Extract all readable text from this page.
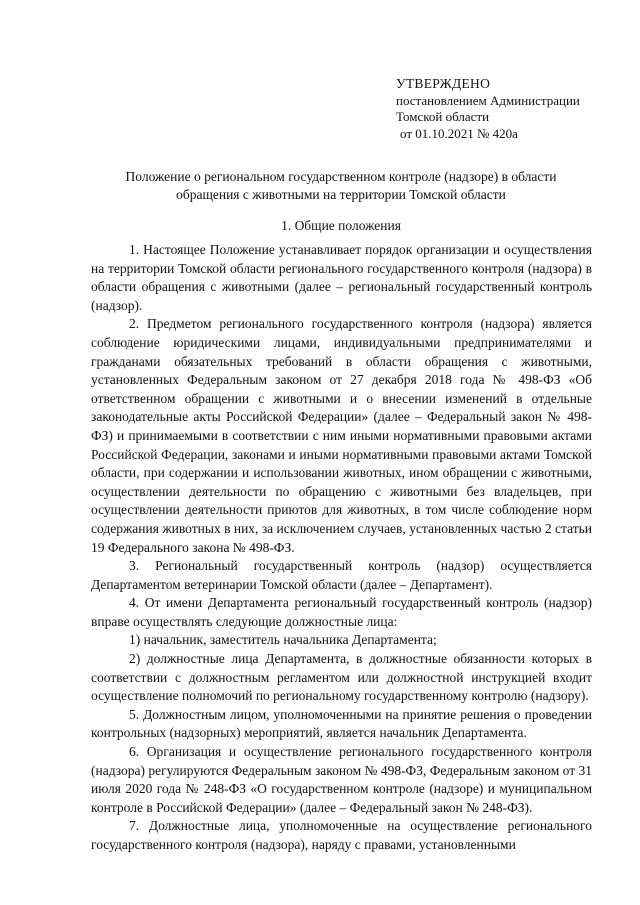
УТВЕРЖДЕНО
постановлением Администрации
Томской области
от 01.10.2021 № 420а
Положение о региональном государственном контроле (надзоре) в области
обращения с животными на территории Томской области
1. Общие положения

1. Настоящее Положение устанавливает порядок организации и осуществления на территории Томской области регионального государственного контроля (надзора) в области обращения с животными (далее – региональный государственный контроль (надзор).

2. Предметом регионального государственного контроля (надзора) является соблюдение юридическими лицами, индивидуальными предпринимателями и гражданами обязательных требований в области обращения с животными, установленных Федеральным законом от 27 декабря 2018 года № 498-ФЗ «Об ответственном обращении с животными и о внесении изменений в отдельные законодательные акты Российской Федерации» (далее – Федеральный закон № 498-ФЗ) и принимаемыми в соответствии с ним иными нормативными правовыми актами Российской Федерации, законами и иными нормативными правовыми актами Томской области, при содержании и использовании животных, ином обращении с животными, осуществлении деятельности по обращению с животными без владельцев, при осуществлении деятельности приютов для животных, в том числе соблюдение норм содержания животных в них, за исключением случаев, установленных частью 2 статьи 19 Федерального закона № 498-ФЗ.

3. Региональный государственный контроль (надзор) осуществляется Департаментом ветеринарии Томской области (далее – Департамент).

4. От имени Департамента региональный государственный контроль (надзор) вправе осуществлять следующие должностные лица:

1) начальник, заместитель начальника Департамента;

2) должностные лица Департамента, в должностные обязанности которых в соответствии с должностным регламентом или должностной инструкцией входит осуществление полномочий по региональному государственному контролю (надзору).

5. Должностным лицом, уполномоченными на принятие решения о проведении контрольных (надзорных) мероприятий, является начальник Департамента.

6. Организация и осуществление регионального государственного контроля (надзора) регулируются Федеральным законом № 498-ФЗ, Федеральным законом от 31 июля 2020 года № 248-ФЗ «О государственном контроле (надзоре) и муниципальном контроле в Российской Федерации» (далее – Федеральный закон № 248-ФЗ).

7. Должностные лица, уполномоченные на осуществление регионального государственного контроля (надзора), наряду с правами, установленными
